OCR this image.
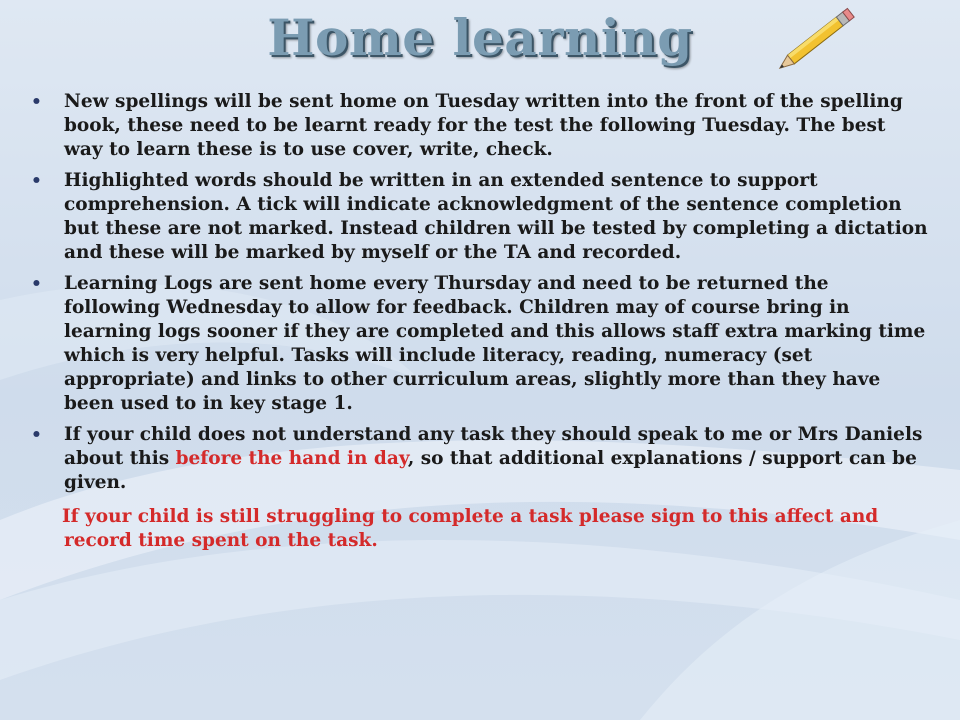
Home learning
• New spellings will be sent home on Tuesday written into the front of the spelling book, these need to be learnt ready for the test the following Tuesday. The best way to learn these is to use cover, write, check.
• Highlighted words should be written in an extended sentence to support comprehension. A tick will indicate acknowledgment of the sentence completion but these are not marked. Instead children will be tested by completing a dictation and these will be marked by myself or the TA and recorded.
• Learning Logs are sent home every Thursday and need to be returned the following Wednesday to allow for feedback. Children may of course bring in learning logs sooner if they are completed and this allows staff extra marking time which is very helpful. Tasks will include literacy, reading, numeracy (set appropriate) and links to other curriculum areas, slightly more than they have been used to in key stage 1.
• If your child does not understand any task they should speak to me or Mrs Daniels about this before the hand in day, so that additional explanations / support can be given.
If your child is still struggling to complete a task please sign to this affect and record time spent on the task.
